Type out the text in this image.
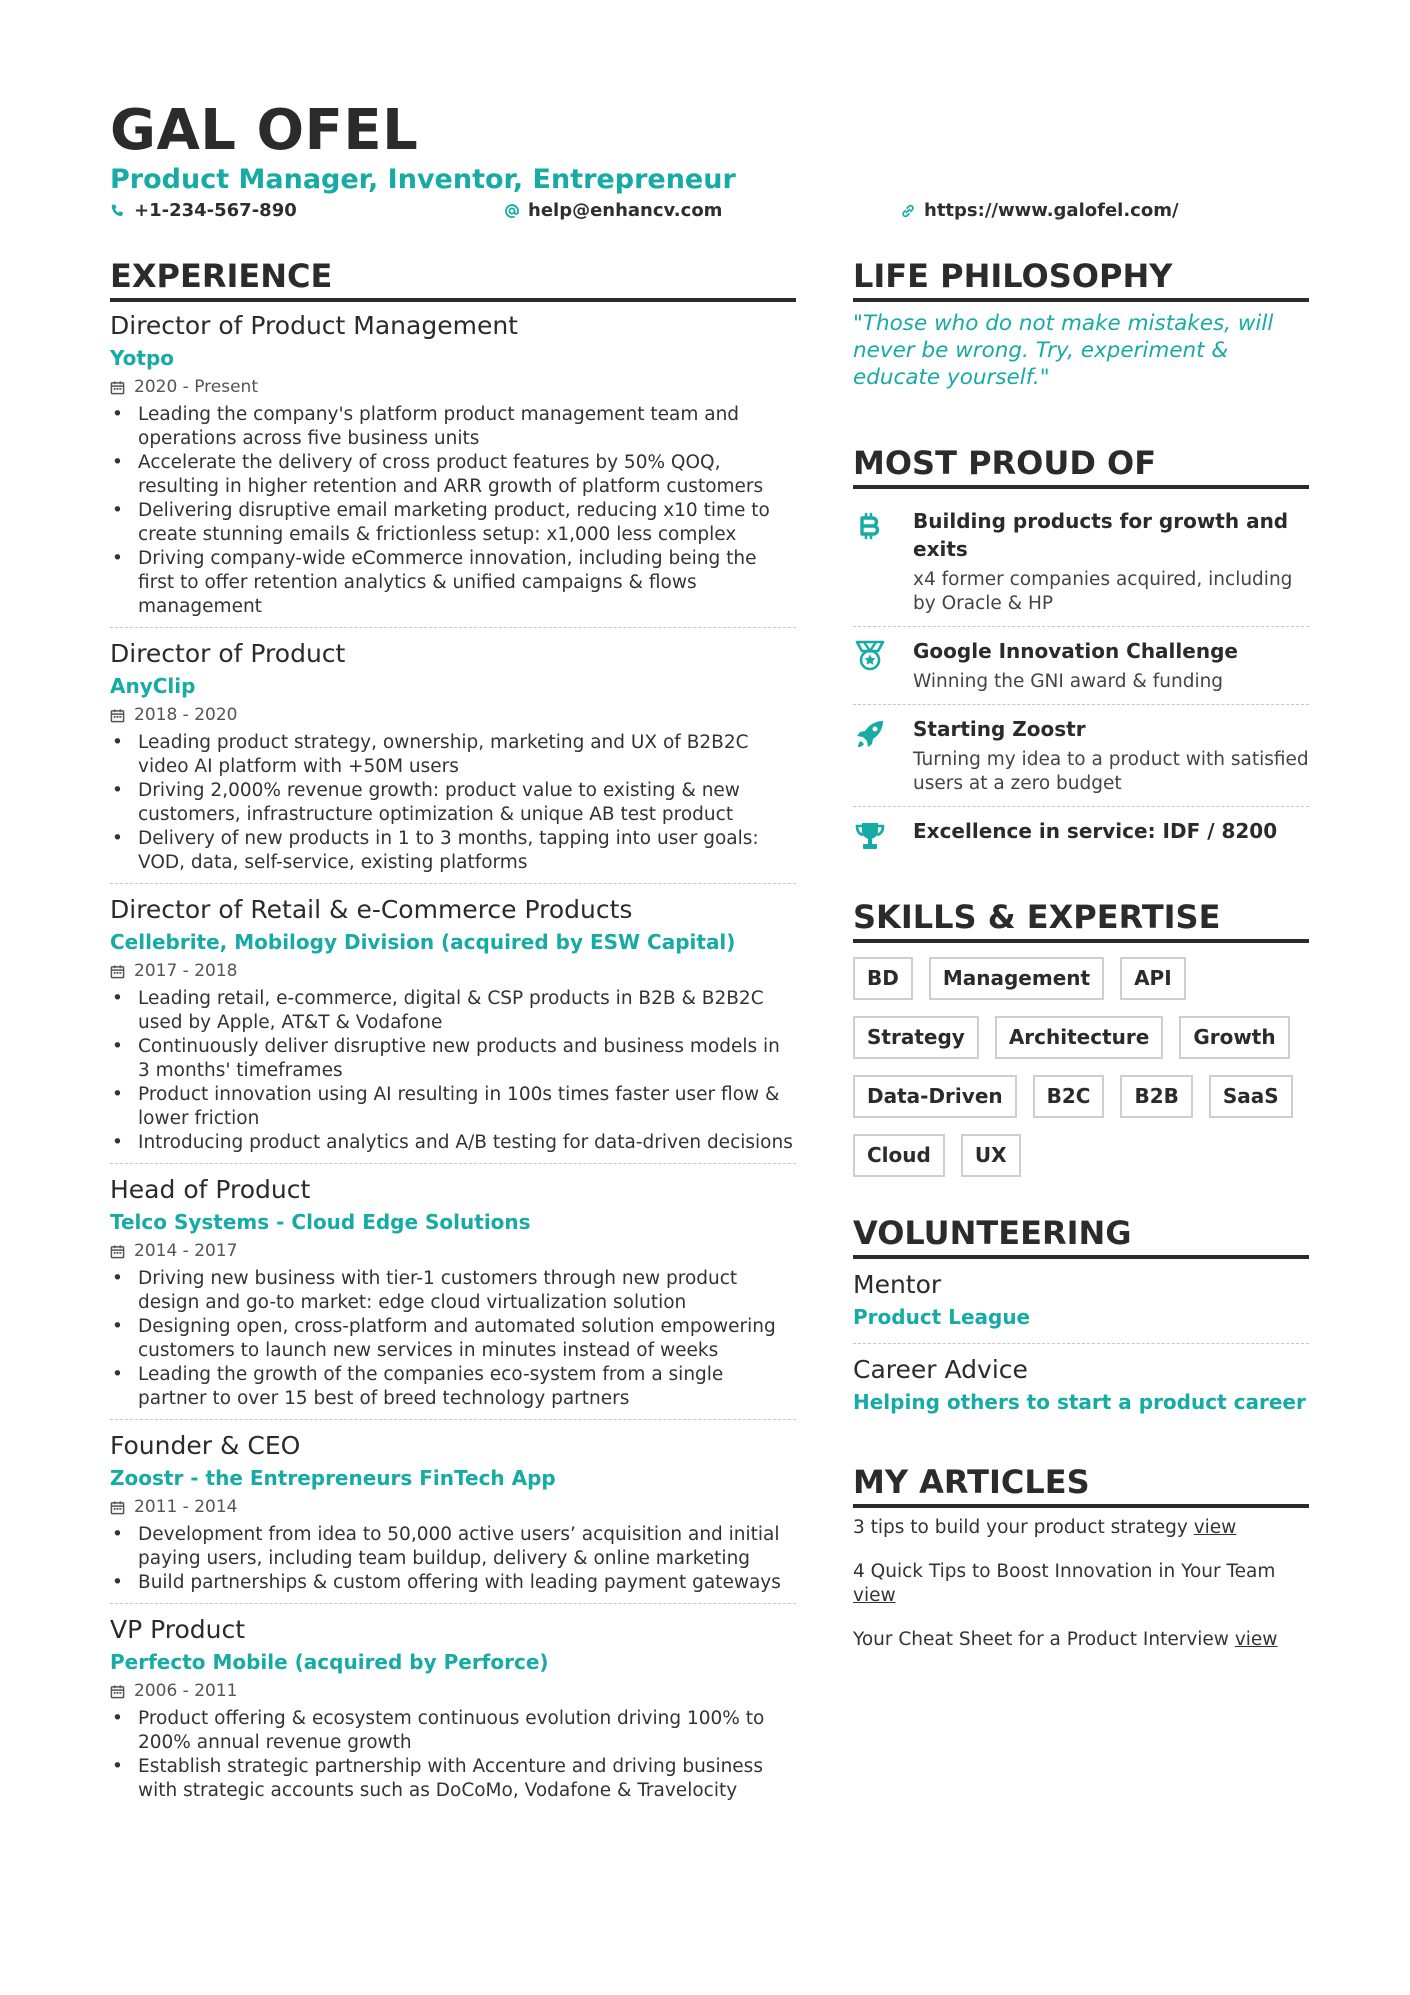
GAL OFEL
Product Manager, Inventor, Entrepreneur
+1-234-567-890	help@enhancv.com	https://www.galofel.com/
EXPERIENCE
Director of Product Management
Yotpo
2020 - Present
• Leading the company's platform product management team and operations across five business units
• Accelerate the delivery of cross product features by 50% QOQ, resulting in higher retention and ARR growth of platform customers
• Delivering disruptive email marketing product, reducing x10 time to create stunning emails & frictionless setup: x1,000 less complex
• Driving company-wide eCommerce innovation, including being the first to offer retention analytics & unified campaigns & flows management
Director of Product
AnyClip
2018 - 2020
• Leading product strategy, ownership, marketing and UX of B2B2C video AI platform with +50M users
• Driving 2,000% revenue growth: product value to existing & new customers, infrastructure optimization & unique AB test product
• Delivery of new products in 1 to 3 months, tapping into user goals: VOD, data, self-service, existing platforms
Director of Retail & e-Commerce Products
Cellebrite, Mobilogy Division (acquired by ESW Capital)
2017 - 2018
• Leading retail, e-commerce, digital & CSP products in B2B & B2B2C used by Apple, AT&T & Vodafone
• Continuously deliver disruptive new products and business models in 3 months' timeframes
• Product innovation using AI resulting in 100s times faster user flow & lower friction
• Introducing product analytics and A/B testing for data-driven decisions
Head of Product
Telco Systems - Cloud Edge Solutions
2014 - 2017
• Driving new business with tier-1 customers through new product design and go-to market: edge cloud virtualization solution
• Designing open, cross-platform and automated solution empowering customers to launch new services in minutes instead of weeks
• Leading the growth of the companies eco-system from a single partner to over 15 best of breed technology partners
Founder & CEO
Zoostr - the Entrepreneurs FinTech App
2011 - 2014
• Development from idea to 50,000 active users’ acquisition and initial paying users, including team buildup, delivery & online marketing
• Build partnerships & custom offering with leading payment gateways
VP Product
Perfecto Mobile (acquired by Perforce)
2006 - 2011
• Product offering & ecosystem continuous evolution driving 100% to 200% annual revenue growth
• Establish strategic partnership with Accenture and driving business with strategic accounts such as DoCoMo, Vodafone & Travelocity
LIFE PHILOSOPHY
"Those who do not make mistakes, will never be wrong. Try, experiment & educate yourself."
MOST PROUD OF
Building products for growth and exits
x4 former companies acquired, including by Oracle & HP
Google Innovation Challenge
Winning the GNI award & funding
Starting Zoostr
Turning my idea to a product with satisfied users at a zero budget
Excellence in service: IDF / 8200
SKILLS & EXPERTISE
BD	Management	API
Strategy	Architecture	Growth
Data-Driven	B2C	B2B	SaaS
Cloud	UX
VOLUNTEERING
Mentor
Product League
Career Advice
Helping others to start a product career
MY ARTICLES
3 tips to build your product strategy view
4 Quick Tips to Boost Innovation in Your Team view
Your Cheat Sheet for a Product Interview view
